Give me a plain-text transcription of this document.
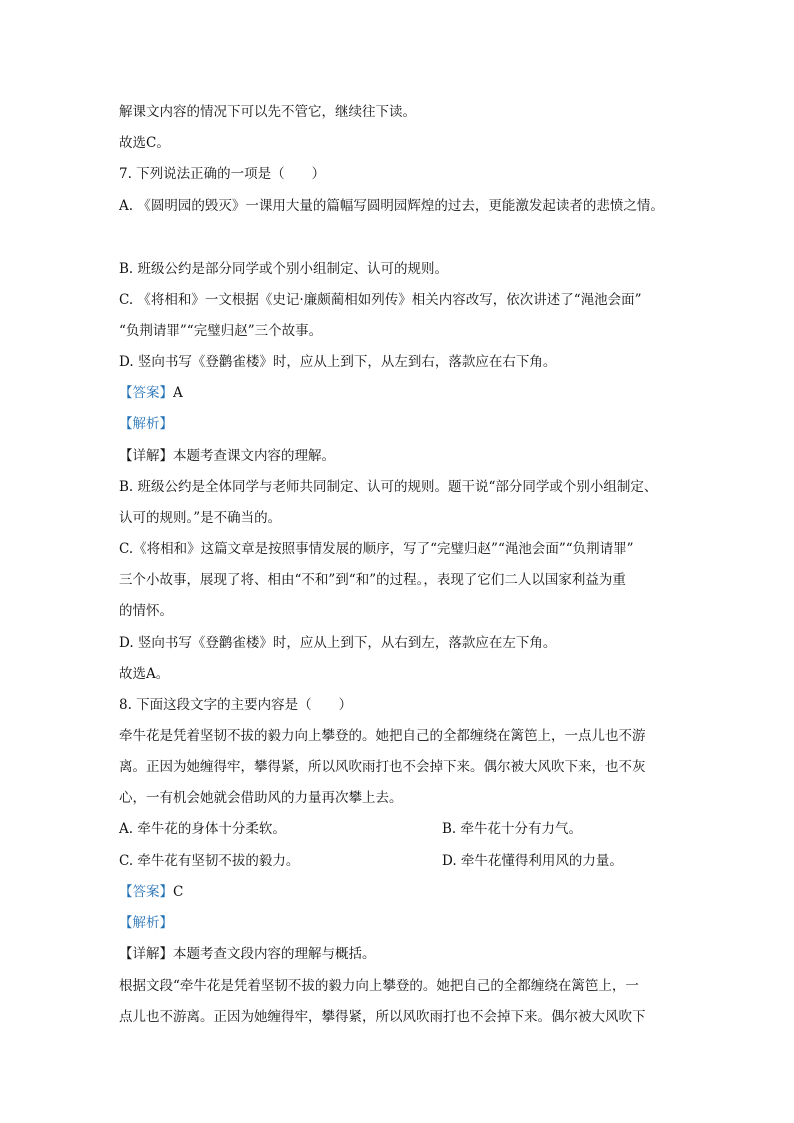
解课文内容的情况下可以先不管它，继续往下读。
故选C。
7. 下列说法正确的一项是（　　）
A. 《圆明园的毁灭》一课用大量的篇幅写圆明园辉煌的过去，更能激发起读者的悲愤之情。
B. 班级公约是部分同学或个别小组制定、认可的规则。
C. 《将相和》一文根据《史记·廉颇蔺相如列传》相关内容改写，依次讲述了“渑池会面”
“负荆请罪”“完璧归赵”三个故事。
D. 竖向书写《登鹳雀楼》时，应从上到下，从左到右，落款应在右下角。
【答案】A
【解析】
【详解】本题考查课文内容的理解。
B. 班级公约是全体同学与老师共同制定、认可的规则。题干说“部分同学或个别小组制定、
认可的规则。”是不确当的。
C.《将相和》这篇文章是按照事情发展的顺序，写了“完璧归赵”“渑池会面”“负荆请罪”
三个小故事，展现了将、相由“不和”到“和”的过程。，表现了它们二人以国家利益为重
的情怀。
D. 竖向书写《登鹳雀楼》时，应从上到下，从右到左，落款应在左下角。
故选A。
8. 下面这段文字的主要内容是（　　）
牵牛花是凭着坚韧不拔的毅力向上攀登的。她把自己的全都缠绕在篱笆上，一点儿也不游
离。正因为她缠得牢，攀得紧，所以风吹雨打也不会掉下来。偶尔被大风吹下来，也不灰
心，一有机会她就会借助风的力量再次攀上去。
A. 牵牛花的身体十分柔软。	B. 牵牛花十分有力气。
C. 牵牛花有坚韧不拔的毅力。	D. 牵牛花懂得利用风的力量。
【答案】C
【解析】
【详解】本题考查文段内容的理解与概括。
根据文段“牵牛花是凭着坚韧不拔的毅力向上攀登的。她把自己的全都缠绕在篱笆上，一
点儿也不游离。正因为她缠得牢，攀得紧，所以风吹雨打也不会掉下来。偶尔被大风吹下
